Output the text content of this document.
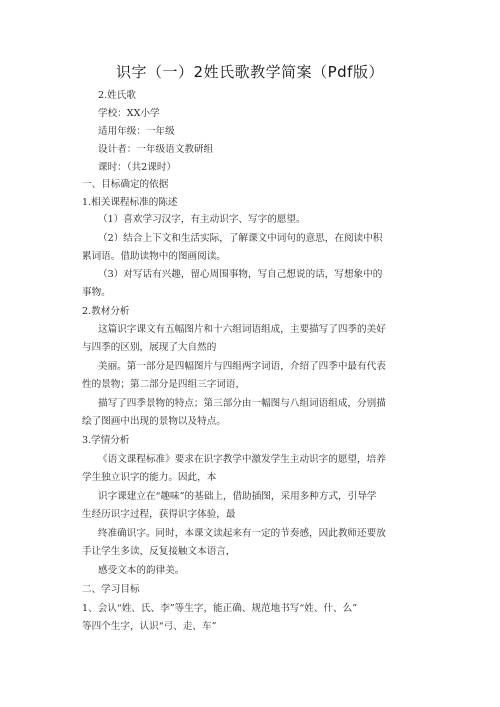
识字（一）2姓氏歌教学简案（Pdf版）
2.姓氏歌
学校：XX小学
适用年级：一年级
设计者：一年级语文教研组
课时：（共2课时）
一、目标确定的依据
1.相关课程标准的陈述
（1）喜欢学习汉字，有主动识字、写字的愿望。
（2）结合上下文和生活实际，了解课文中词句的意思，在阅读中积
累词语。借助读物中的图画阅读。
（3）对写话有兴趣，留心周围事物，写自己想说的话，写想象中的
事物。
2.教材分析
这篇识字课文有五幅图片和十六组词语组成，主要描写了四季的美好
与四季的区别，展现了大自然的
美丽。第一部分是四幅图片与四组两字词语，介绍了四季中最有代表
性的景物；第二部分是四组三字词语，
描写了四季景物的特点；第三部分由一幅图与八组词语组成，分别描
绘了图画中出现的景物以及特点。
3.学情分析
《语文课程标准》要求在识字教学中激发学生主动识字的愿望，培养
学生独立识字的能力。因此，本
识字课建立在“趣味”的基础上，借助插图，采用多种方式，引导学
生经历识字过程，获得识字体验，最
终准确识字。同时，本课文读起来有一定的节奏感，因此教师还要放
手让学生多读，反复接触文本语言，
感受文本的韵律美。
二、学习目标
1、会认“姓、氏、李”等生字，能正确、规范地书写“姓、什、么”
等四个生字，认识“弓、走、车”
